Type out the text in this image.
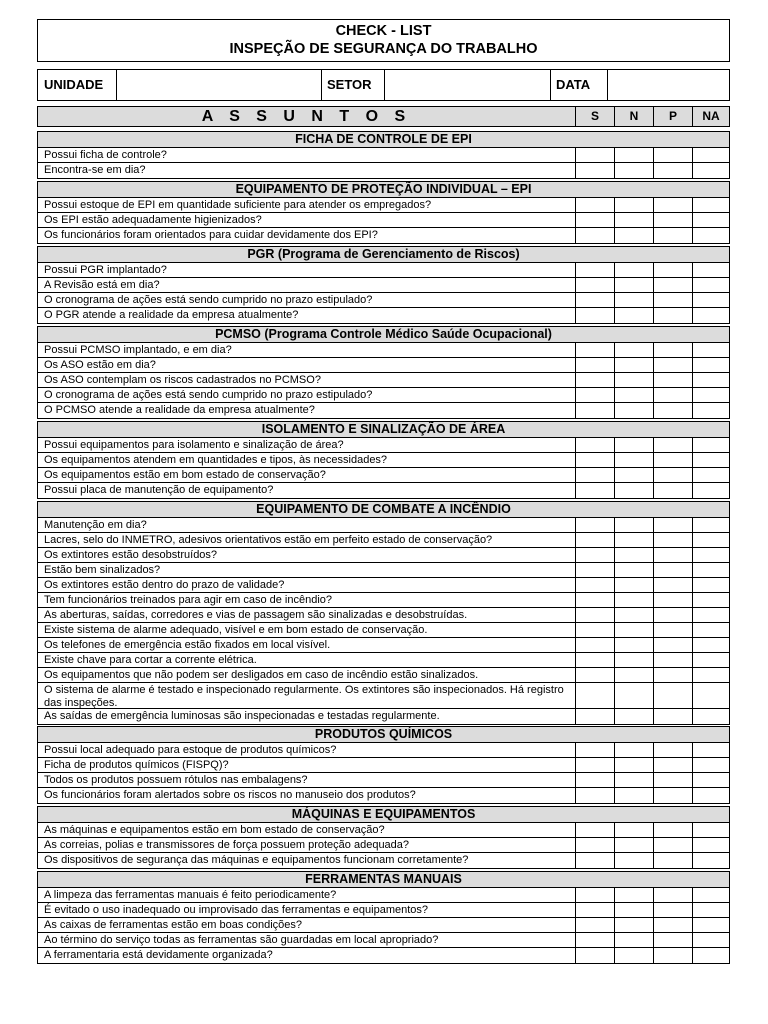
CHECK - LIST
INSPEÇÃO DE SEGURANÇA DO TRABALHO
UNIDADE	SETOR	DATA
A S S U N T O S	S	N	P	NA
FICHA DE CONTROLE DE EPI
Possui ficha de controle?
Encontra-se em dia?
EQUIPAMENTO DE PROTEÇÃO INDIVIDUAL – EPI
Possui estoque de EPI em quantidade suficiente para atender os empregados?
Os EPI estão adequadamente higienizados?
Os funcionários foram orientados para cuidar devidamente dos EPI?
PGR (Programa de Gerenciamento de Riscos)
Possui PGR implantado?
A Revisão está em dia?
O cronograma de ações está sendo cumprido no prazo estipulado?
O PGR atende a realidade da empresa atualmente?
PCMSO (Programa Controle Médico Saúde Ocupacional)
Possui PCMSO implantado, e em dia?
Os ASO estão em dia?
Os ASO contemplam os riscos cadastrados no PCMSO?
O cronograma de ações está sendo cumprido no prazo estipulado?
O PCMSO atende a realidade da empresa atualmente?
ISOLAMENTO E SINALIZAÇÃO DE ÁREA
Possui equipamentos para isolamento e sinalização de área?
Os equipamentos atendem em quantidades e tipos, às necessidades?
Os equipamentos estão em bom estado de conservação?
Possui placa de manutenção de equipamento?
EQUIPAMENTO DE COMBATE A INCÊNDIO
Manutenção em dia?
Lacres, selo do INMETRO, adesivos orientativos estão em perfeito estado de conservação?
Os extintores estão desobstruídos?
Estão bem sinalizados?
Os extintores estão dentro do prazo de validade?
Tem funcionários treinados para agir em caso de incêndio?
As aberturas, saídas, corredores e vias de passagem são sinalizadas e desobstruídas.
Existe sistema de alarme adequado, visível e em bom estado de conservação.
Os telefones de emergência estão fixados em local visível.
Existe chave para cortar a corrente elétrica.
Os equipamentos que não podem ser desligados em caso de incêndio estão sinalizados.
O sistema de alarme é testado e inspecionado regularmente. Os extintores são inspecionados. Há registro das inspeções.
As saídas de emergência luminosas são inspecionadas e testadas regularmente.
PRODUTOS QUÍMICOS
Possui local adequado para estoque de produtos químicos?
Ficha de produtos químicos (FISPQ)?
Todos os produtos possuem rótulos nas embalagens?
Os funcionários foram alertados sobre os riscos no manuseio dos produtos?
MÁQUINAS E EQUIPAMENTOS
As máquinas e equipamentos estão em bom estado de conservação?
As correias, polias e transmissores de força possuem proteção adequada?
Os dispositivos de segurança das máquinas e equipamentos funcionam corretamente?
FERRAMENTAS MANUAIS
A limpeza das ferramentas manuais é feito periodicamente?
É evitado o uso inadequado ou improvisado das ferramentas e equipamentos?
As caixas de ferramentas estão em boas condições?
Ao término do serviço todas as ferramentas são guardadas em local apropriado?
A ferramentaria está devidamente organizada?
